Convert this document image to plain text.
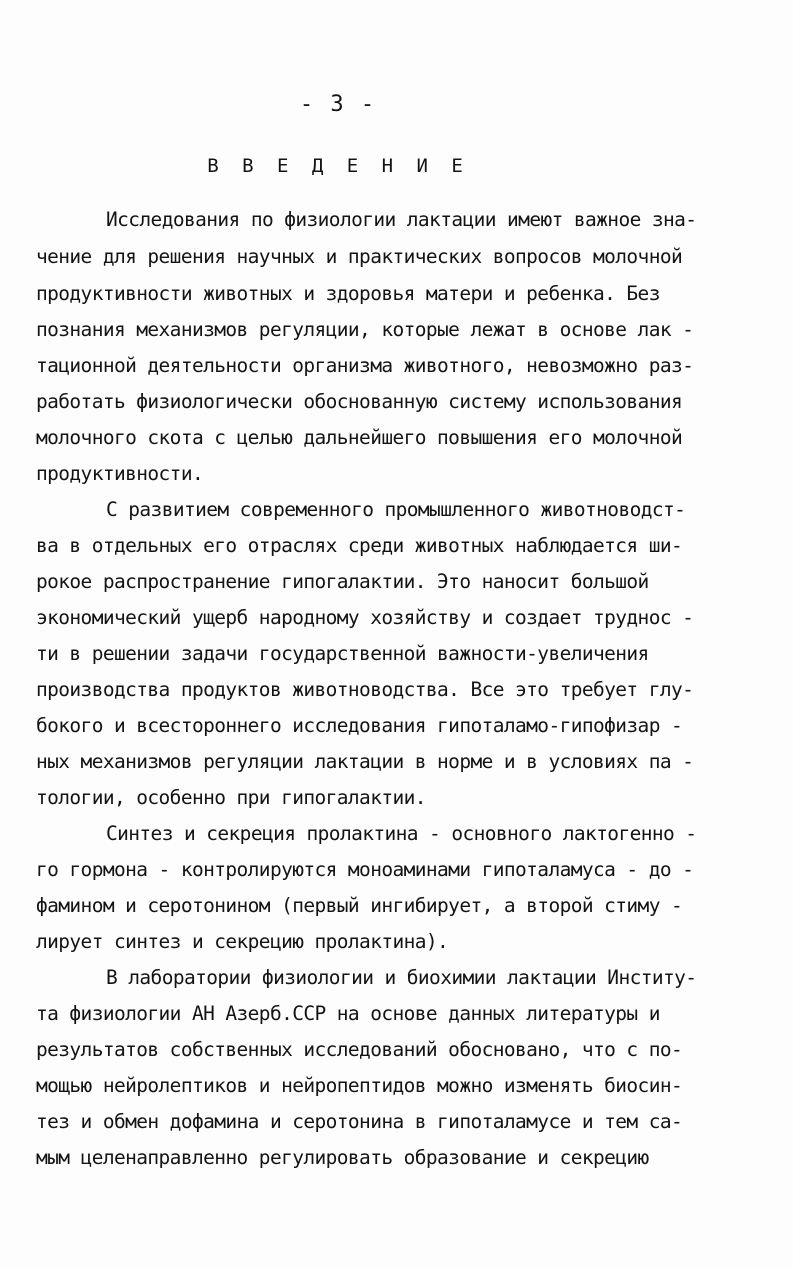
- 3 -
В В Е Д Е Н И Е
Исследования по физиологии лактации имеют важное зна-
чение для решения научных и практических вопросов молочной
продуктивности животных и здоровья матери и ребенка. Без
познания механизмов регуляции, которые лежат в основе лак -
тационной деятельности организма животного, невозможно раз-
работать физиологически обоснованную систему использования
молочного скота с целью дальнейшего повышения его молочной
продуктивности.
С развитием современного промышленного животноводст-
ва в отдельных его отраслях среди животных наблюдается ши-
рокое распространение гипогалактии. Это наносит большой
экономический ущерб народному хозяйству и создает труднос -
ти в решении задачи государственной важности-увеличения
производства продуктов животноводства. Все это требует глу-
бокого и всестороннего исследования гипоталамо-гипофизар -
ных механизмов регуляции лактации в норме и в условиях па -
тологии, особенно при гипогалактии.
Синтез и секреция пролактина - основного лактогенно -
го гормона - контролируются моноаминами гипоталамуса - до -
фамином и серотонином (первый ингибирует, а второй стиму -
лирует синтез и секрецию пролактина).
В лаборатории физиологии и биохимии лактации Институ-
та физиологии АН Азерб.ССР на основе данных литературы и
результатов собственных исследований обосновано, что с по-
мощью нейролептиков и нейропептидов можно изменять биосин-
тез и обмен дофамина и серотонина в гипоталамусе и тем са-
мым целенаправленно регулировать образование и секрецию
